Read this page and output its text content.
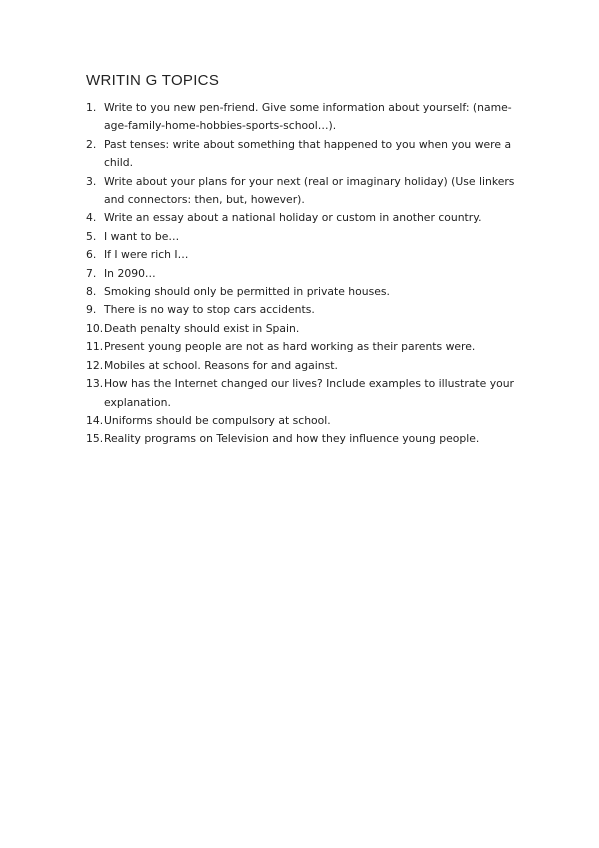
WRITIN G TOPICS
1. Write to you new pen-friend. Give some information about yourself: (name-age-family-home-hobbies-sports-school…).
2. Past tenses: write about something that happened to you when you were a child.
3. Write about your plans for your next (real or imaginary holiday) (Use linkers and connectors: then, but, however).
4. Write an essay about a national holiday or custom in another country.
5. I want to be…
6. If I were rich I…
7. In 2090…
8. Smoking should only be permitted in private houses.
9. There is no way to stop cars accidents.
10. Death penalty should exist in Spain.
11. Present young people are not as hard working as their parents were.
12. Mobiles at school. Reasons for and against.
13. How has the Internet changed our lives? Include examples to illustrate your explanation.
14. Uniforms should be compulsory at school.
15. Reality programs on Television and how they influence young people.
